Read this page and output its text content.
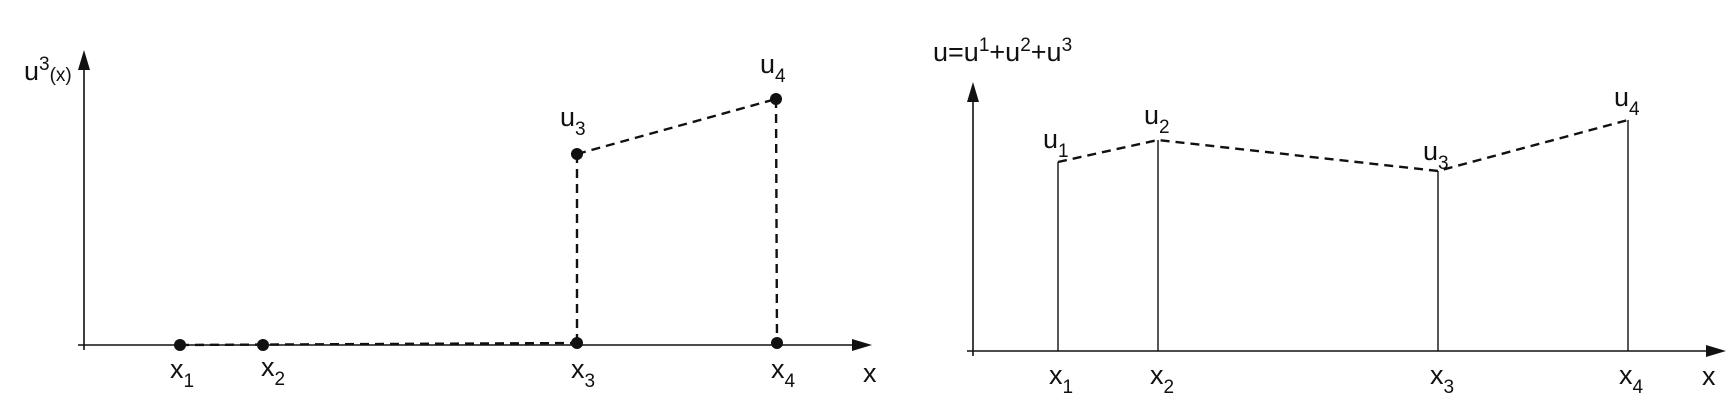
$u^3_{(x)}$
x
$x_1$ $x_2$	$x_3$	$x_4$
$u_3$
$u_4$
$u=u^1+u^2+u^3$
x
$x_1$	$x_2$	$x_3$	$x_4$
$u_1$
$u_2$
$u_3$
$u_4$
